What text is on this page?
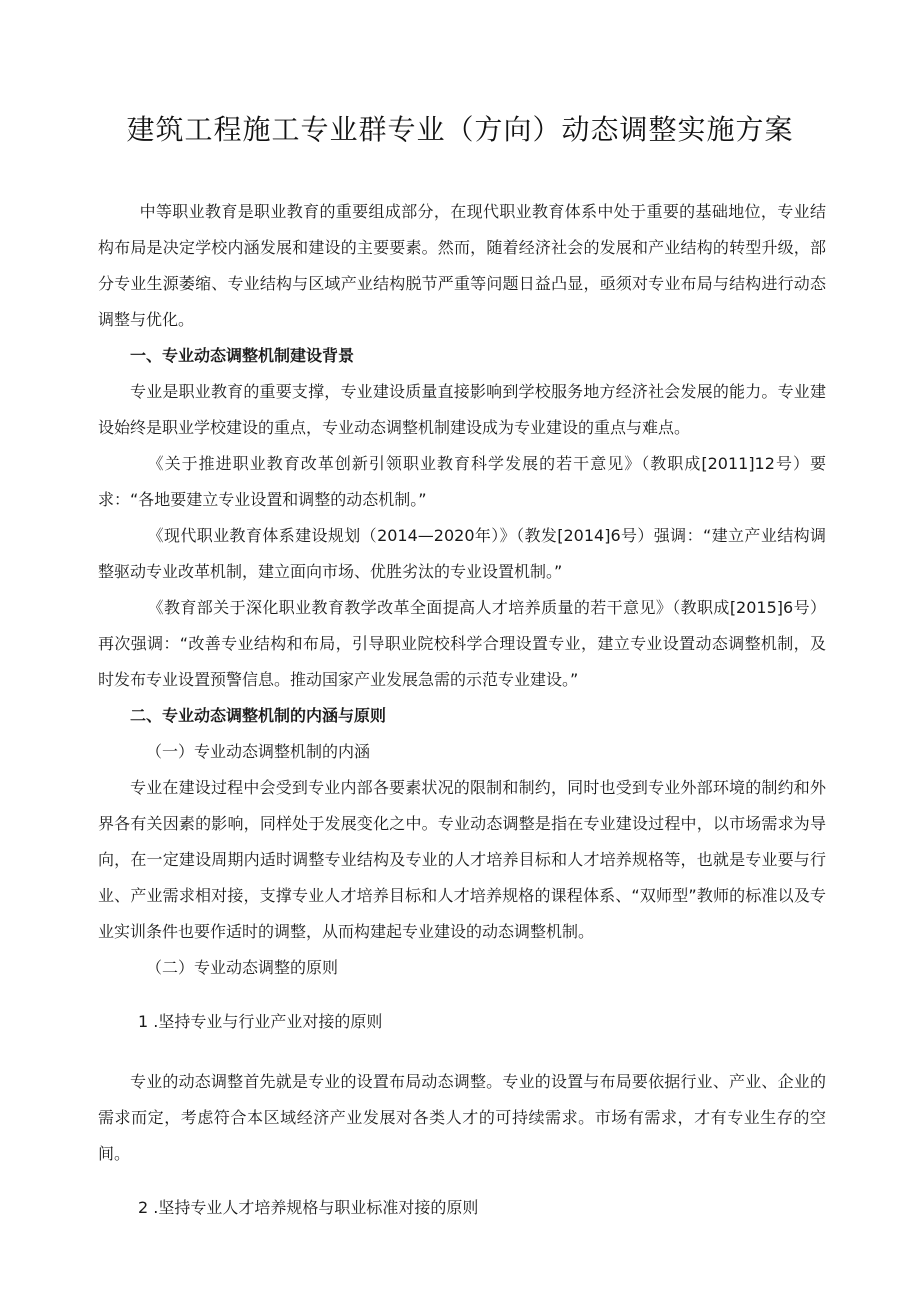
建筑工程施工专业群专业（方向）动态调整实施方案

中等职业教育是职业教育的重要组成部分，在现代职业教育体系中处于重要的基础地位，专业结构布局是决定学校内涵发展和建设的主要要素。然而，随着经济社会的发展和产业结构的转型升级，部分专业生源萎缩、专业结构与区域产业结构脱节严重等问题日益凸显，亟须对专业布局与结构进行动态调整与优化。

一、专业动态调整机制建设背景

专业是职业教育的重要支撑，专业建设质量直接影响到学校服务地方经济社会发展的能力。专业建设始终是职业学校建设的重点，专业动态调整机制建设成为专业建设的重点与难点。

《关于推进职业教育改革创新引领职业教育科学发展的若干意见》（教职成[2011]12号）要求：“各地要建立专业设置和调整的动态机制。”

《现代职业教育体系建设规划（2014—2020年）》（教发[2014]6号）强调：“建立产业结构调整驱动专业改革机制，建立面向市场、优胜劣汰的专业设置机制。”

《教育部关于深化职业教育教学改革全面提高人才培养质量的若干意见》（教职成[2015]6号）再次强调：“改善专业结构和布局，引导职业院校科学合理设置专业，建立专业设置动态调整机制，及时发布专业设置预警信息。推动国家产业发展急需的示范专业建设。”

二、专业动态调整机制的内涵与原则

（一）专业动态调整机制的内涵

专业在建设过程中会受到专业内部各要素状况的限制和制约，同时也受到专业外部环境的制约和外界各有关因素的影响，同样处于发展变化之中。专业动态调整是指在专业建设过程中，以市场需求为导向，在一定建设周期内适时调整专业结构及专业的人才培养目标和人才培养规格等，也就是专业要与行业、产业需求相对接，支撑专业人才培养目标和人才培养规格的课程体系、“双师型”教师的标准以及专业实训条件也要作适时的调整，从而构建起专业建设的动态调整机制。

（二）专业动态调整的原则

1 .坚持专业与行业产业对接的原则

专业的动态调整首先就是专业的设置布局动态调整。专业的设置与布局要依据行业、产业、企业的需求而定，考虑符合本区域经济产业发展对各类人才的可持续需求。市场有需求，才有专业生存的空间。

2 .坚持专业人才培养规格与职业标准对接的原则
